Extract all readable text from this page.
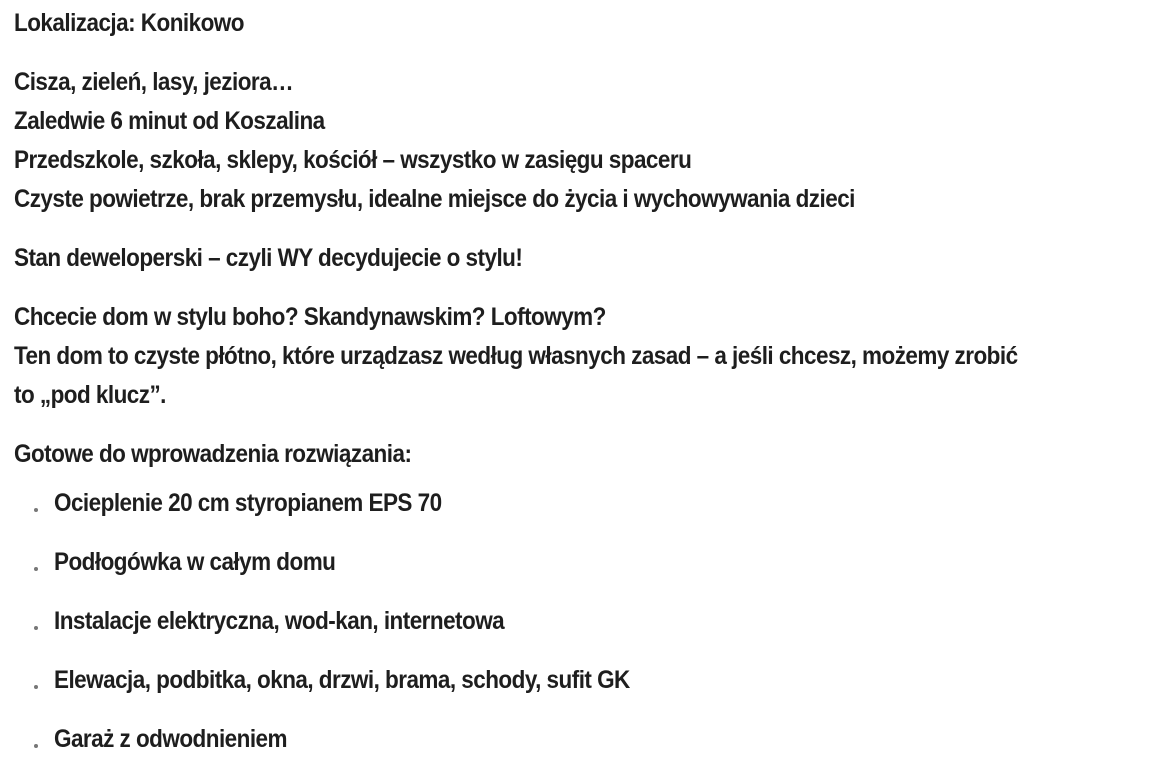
Lokalizacja: Konikowo

Cisza, zieleń, lasy, jeziora…

Zaledwie 6 minut od Koszalina

Przedszkole, szkoła, sklepy, kościół – wszystko w zasięgu spaceru

Czyste powietrze, brak przemysłu, idealne miejsce do życia i wychowywania dzieci

Stan deweloperski – czyli WY decydujecie o stylu!

Chcecie dom w stylu boho? Skandynawskim? Loftowym?

Ten dom to czyste płótno, które urządzasz według własnych zasad – a jeśli chcesz, możemy zrobić

to „pod klucz”.

Gotowe do wprowadzenia rozwiązania:

Ocieplenie 20 cm styropianem EPS 70
Podłogówka w całym domu
Instalacje elektryczna, wod-kan, internetowa
Elewacja, podbitka, okna, drzwi, brama, schody, sufit GK
Garaż z odwodnieniem
